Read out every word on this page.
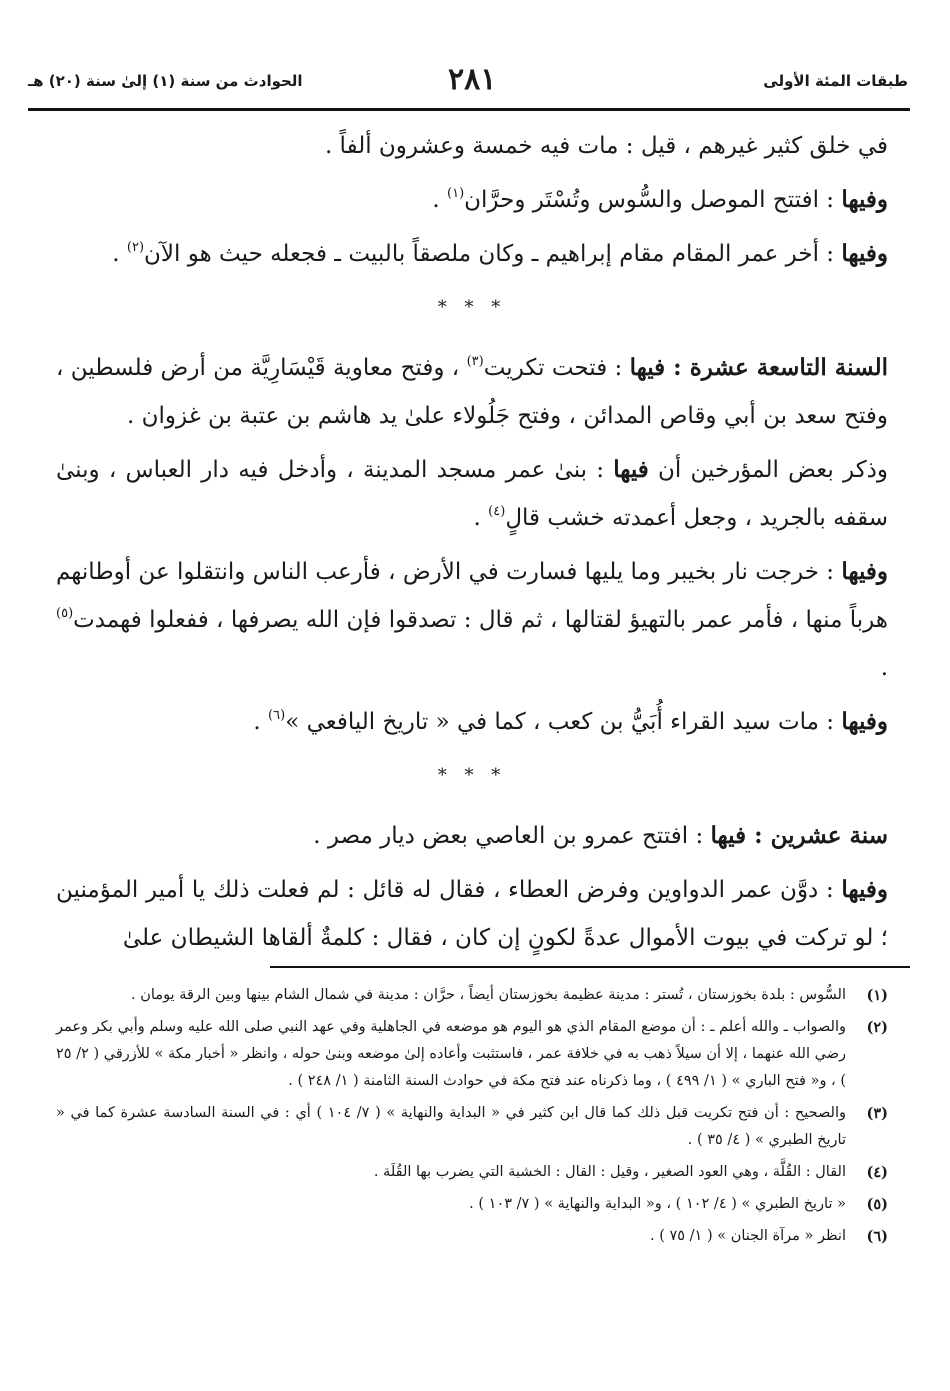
طبقات المئة الأولى
٢٨١
الحوادث من سنة (١) إلىٰ سنة (٢٠) هـ

في خلق كثير غيرهم ، قيل : مات فيه خمسة وعشرون ألفاً .

وفيها : افتتح الموصل والسُّوس وتُسْتَر وحرَّان$^{(١)}$ .

وفيها : أخر عمر المقام مقام إبراهيم ـ وكان ملصقاً بالبيت ـ فجعله حيث هو الآن$^{(٢)}$ .

* * *

السنة التاسعة عشرة : فيها : فتحت تكريت$^{(٣)}$ ، وفتح معاوية قَيْسَارِيَّة من أرض فلسطين ، وفتح سعد بن أبي وقاص المدائن ، وفتح جَلُولاء علىٰ يد هاشم بن عتبة بن غزوان .

وذكر بعض المؤرخين أن فيها : بنىٰ عمر مسجد المدينة ، وأدخل فيه دار العباس ، وبنىٰ سقفه بالجريد ، وجعل أعمدته خشب قالٍ$^{(٤)}$ .

وفيها : خرجت نار بخيبر وما يليها فسارت في الأرض ، فأرعب الناس وانتقلوا عن أوطانهم هرباً منها ، فأمر عمر بالتهيؤ لقتالها ، ثم قال : تصدقوا فإن الله يصرفها ، ففعلوا فهمدت$^{(٥)}$ .

وفيها : مات سيد القراء أُبَيُّ بن كعب ، كما في « تاريخ اليافعي »$^{(٦)}$ .

* * *

سنة عشرين : فيها : افتتح عمرو بن العاصي بعض ديار مصر .

وفيها : دوَّن عمر الدواوين وفرض العطاء ، فقال له قائل : لم فعلت ذلك يا أمير المؤمنين ؛ لو تركت في بيوت الأموال عدةً لكونٍ إن كان ، فقال : كلمةٌ ألقاها الشيطان علىٰ

(١)
السُّوس : بلدة بخوزستان ، تُستر : مدينة عظيمة بخوزستان أيضاً ، حرَّان : مدينة في شمال الشام بينها وبين الرقة يومان .
(٢)
والصواب ـ والله أعلم ـ : أن موضع المقام الذي هو اليوم هو موضعه في الجاهلية وفي عهد النبي صلى الله عليه وسلم وأبي بكر وعمر رضي الله عنهما ، إلا أن سيلاً ذهب به في خلافة عمر ، فاستثبت وأعاده إلىٰ موضعه وبنىٰ حوله ، وانظر « أخبار مكة » للأزرقي ( ٢/ ٢٥ ) ، و« فتح الباري » ( ١/ ٤٩٩ ) ، وما ذكرناه عند فتح مكة في حوادث السنة الثامنة ( ١/ ٢٤٨ ) .
(٣)
والصحيح : أن فتح تكريت قبل ذلك كما قال ابن كثير في « البداية والنهاية » ( ٧/ ١٠٤ ) أي : في السنة السادسة عشرة كما في « تاريخ الطبري » ( ٤/ ٣٥ ) .
(٤)
القال : القُلَّة ، وهي العود الصغير ، وقيل : القال : الخشبة التي يضرب بها القُلَة .
(٥)
« تاريخ الطبري » ( ٤/ ١٠٢ ) ، و« البداية والنهاية » ( ٧/ ١٠٣ ) .
(٦)
انظر « مرآة الجنان » ( ١/ ٧٥ ) .
